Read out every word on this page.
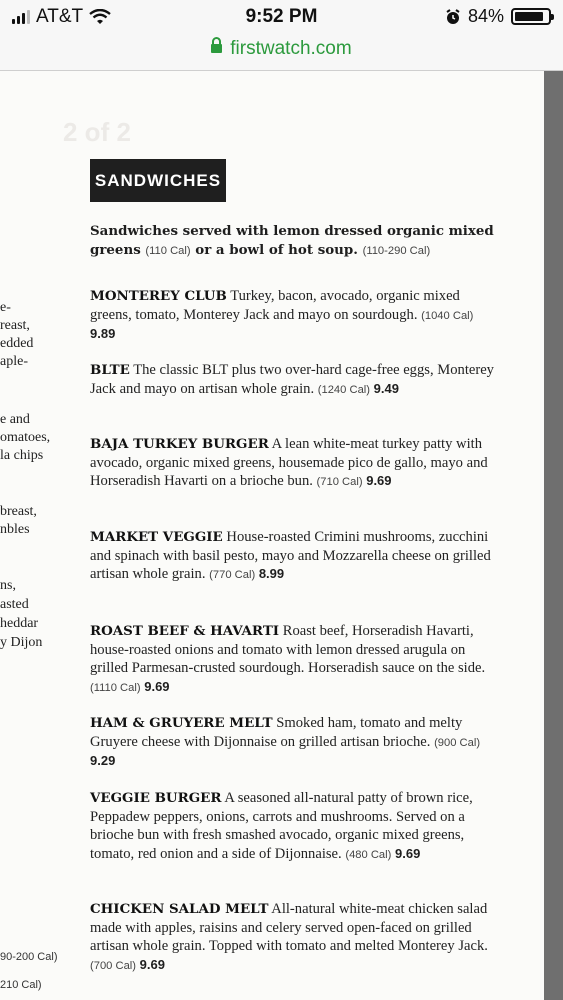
AT&T	9:52 PM	84%
firstwatch.com
e-
reast,
edded
aple-
e and
omatoes,
la chips
breast,
nbles
ns,
asted
heddar
y Dijon
90-200 Cal)
210 Cal)
2 of 2
SANDWICHES
Sandwiches served with lemon dressed organic mixed greens (110 Cal) or a bowl of hot soup. (110-290 Cal)
MONTEREY CLUB Turkey, bacon, avocado, organic mixed greens, tomato, Monterey Jack and mayo on sourdough. (1040 Cal) 9.89
BLTE The classic BLT plus two over-hard cage-free eggs, Monterey Jack and mayo on artisan whole grain. (1240 Cal) 9.49
BAJA TURKEY BURGER A lean white-meat turkey patty with avocado, organic mixed greens, housemade pico de gallo, mayo and Horseradish Havarti on a brioche bun. (710 Cal) 9.69
MARKET VEGGIE House-roasted Crimini mushrooms, zucchini and spinach with basil pesto, mayo and Mozzarella cheese on grilled artisan whole grain. (770 Cal) 8.99
ROAST BEEF & HAVARTI Roast beef, Horseradish Havarti, house-roasted onions and tomato with lemon dressed arugula on grilled Parmesan-crusted sourdough. Horseradish sauce on the side. (1110 Cal) 9.69
HAM & GRUYERE MELT Smoked ham, tomato and melty Gruyere cheese with Dijonnaise on grilled artisan brioche. (900 Cal) 9.29
VEGGIE BURGER A seasoned all-natural patty of brown rice, Peppadew peppers, onions, carrots and mushrooms. Served on a brioche bun with fresh smashed avocado, organic mixed greens, tomato, red onion and a side of Dijonnaise. (480 Cal) 9.69
CHICKEN SALAD MELT All-natural white-meat chicken salad made with apples, raisins and celery served open-faced on grilled artisan whole grain. Topped with tomato and melted Monterey Jack. (700 Cal) 9.69
